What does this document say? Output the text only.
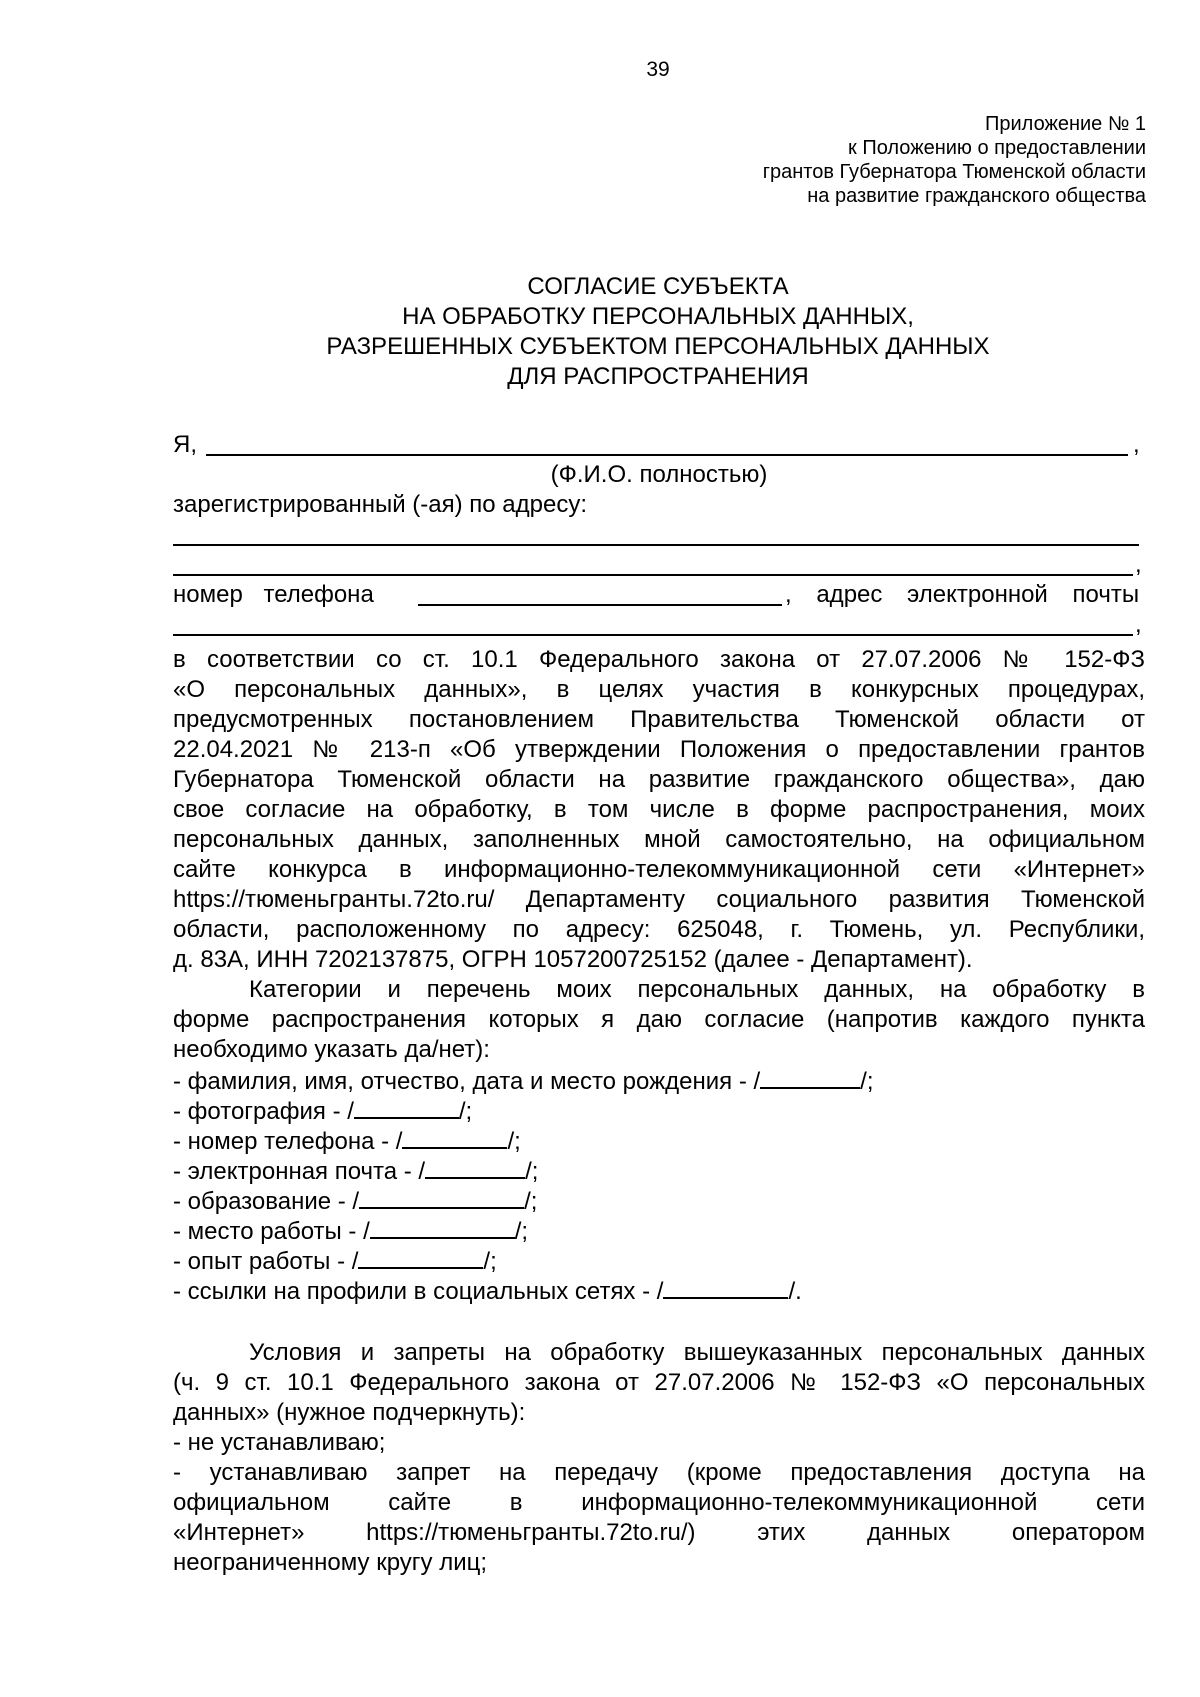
39
Приложение № 1
к Положению о предоставлении
грантов Губернатора Тюменской области
на развитие гражданского общества
СОГЛАСИЕ СУБЪЕКТА
НА ОБРАБОТКУ ПЕРСОНАЛЬНЫХ ДАННЫХ,
РАЗРЕШЕННЫХ СУБЪЕКТОМ ПЕРСОНАЛЬНЫХ ДАННЫХ
ДЛЯ РАСПРОСТРАНЕНИЯ
Я,	,
(Ф.И.О. полностью)
зарегистрированный (-ая) по адресу:
,
номер телефона	, адрес электронной почты
,
в соответствии со ст. 10.1 Федерального закона от 27.07.2006 № 152-ФЗ
«О персональных данных», в целях участия в конкурсных процедурах,
предусмотренных постановлением Правительства Тюменской области от
22.04.2021 № 213-п «Об утверждении Положения о предоставлении грантов
Губернатора Тюменской области на развитие гражданского общества», даю
свое согласие на обработку, в том числе в форме распространения, моих
персональных данных, заполненных мной самостоятельно, на официальном
сайте конкурса в информационно-телекоммуникационной сети «Интернет»
https://тюменьгранты.72to.ru/ Департаменту социального развития Тюменской
области, расположенному по адресу: 625048, г. Тюмень, ул. Республики,
д. 83А, ИНН 7202137875, ОГРН 1057200725152 (далее - Департамент).
Категории и перечень моих персональных данных, на обработку в
форме распространения которых я даю согласие (напротив каждого пункта
необходимо указать да/нет):
- фамилия, имя, отчество, дата и место рождения - /	/;
- фотография - /	/;
- номер телефона - /	/;
- электронная почта - /	/;
- образование - /	/;
- место работы - /	/;
- опыт работы - /	/;
- ссылки на профили в социальных сетях - /	/.
Условия и запреты на обработку вышеуказанных персональных данных
(ч. 9 ст. 10.1 Федерального закона от 27.07.2006 № 152-ФЗ «О персональных
данных» (нужное подчеркнуть):
- не устанавливаю;
- устанавливаю запрет на передачу (кроме предоставления доступа на
официальном сайте в информационно-телекоммуникационной сети
«Интернет» https://тюменьгранты.72to.ru/) этих данных оператором
неограниченному кругу лиц;
